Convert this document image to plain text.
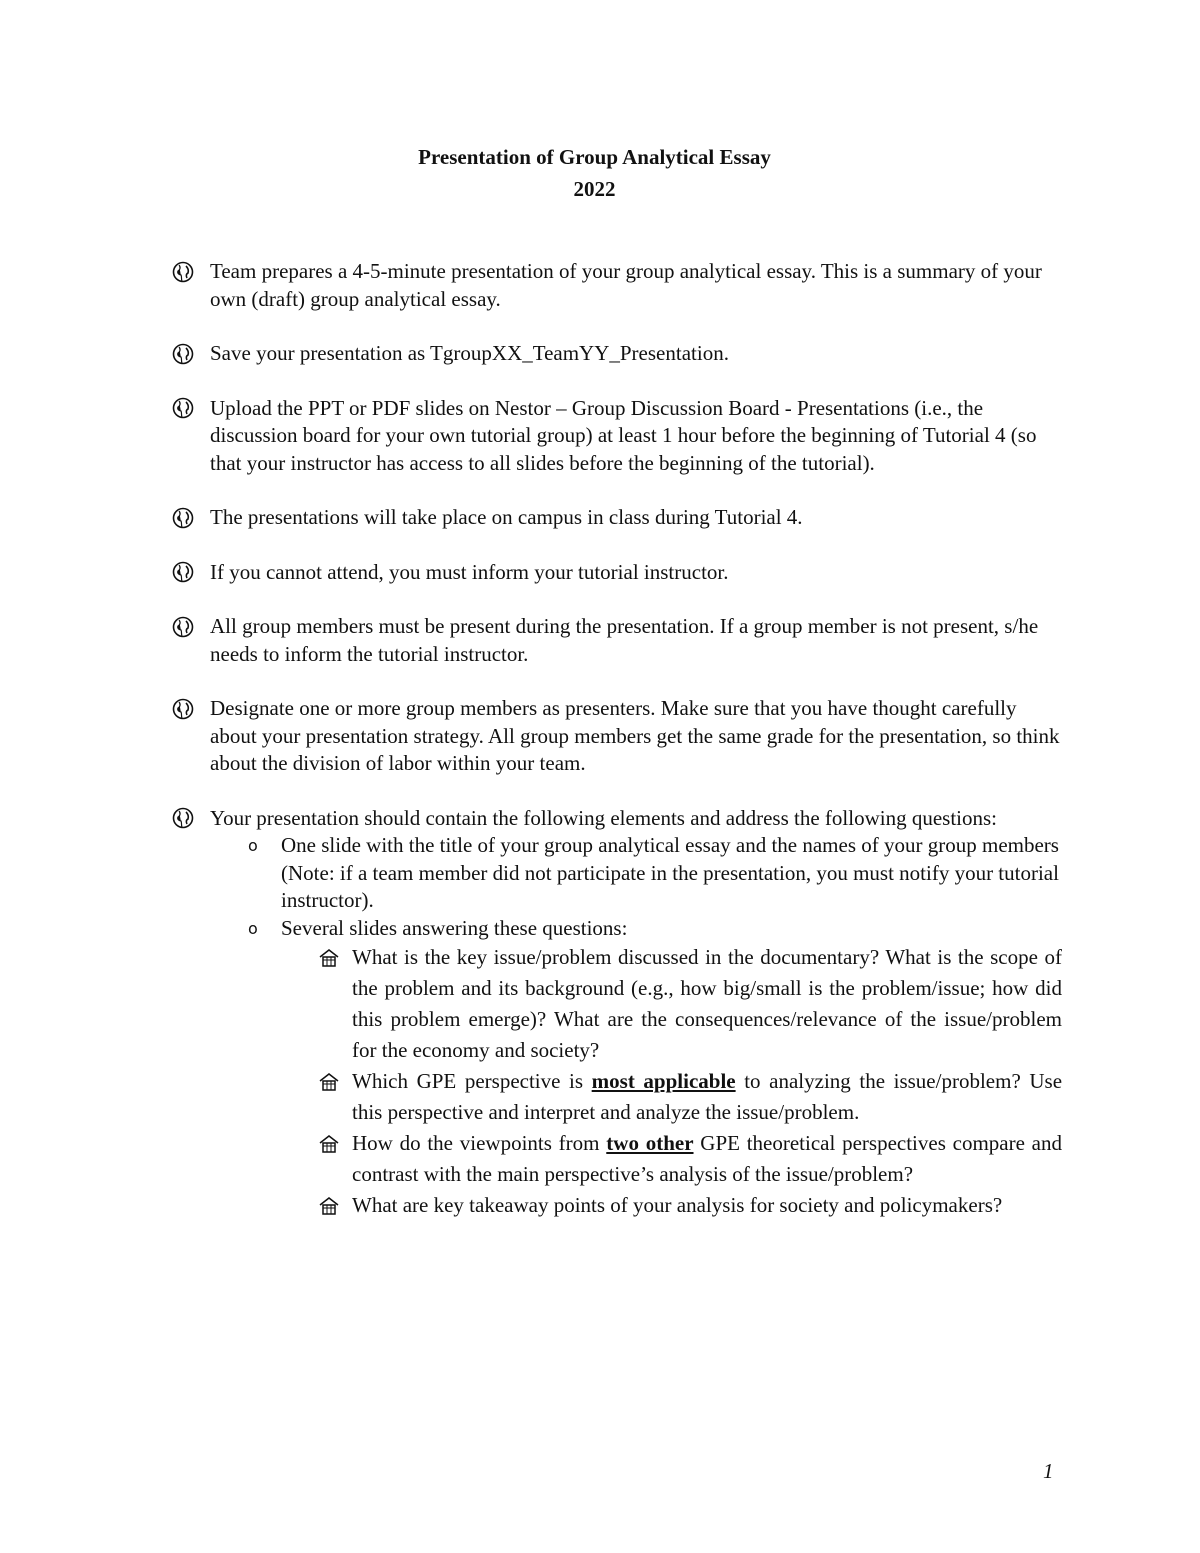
Presentation of Group Analytical Essay
2022
Team prepares a 4-5-minute presentation of your group analytical essay. This is a summary of your own (draft) group analytical essay.
Save your presentation as TgroupXX_TeamYY_Presentation.
Upload the PPT or PDF slides on Nestor – Group Discussion Board - Presentations (i.e., the discussion board for your own tutorial group) at least 1 hour before the beginning of Tutorial 4 (so that your instructor has access to all slides before the beginning of the tutorial).
The presentations will take place on campus in class during Tutorial 4.
If you cannot attend, you must inform your tutorial instructor.
All group members must be present during the presentation. If a group member is not present, s/he needs to inform the tutorial instructor.
Designate one or more group members as presenters. Make sure that you have thought carefully about your presentation strategy. All group members get the same grade for the presentation, so think about the division of labor within your team.
Your presentation should contain the following elements and address the following questions:
o	One slide with the title of your group analytical essay and the names of your group members (Note: if a team member did not participate in the presentation, you must notify your tutorial instructor).
o	Several slides answering these questions:
What is the key issue/problem discussed in the documentary? What is the scope of the problem and its background (e.g., how big/small is the problem/issue; how did this problem emerge)? What are the consequences/relevance of the issue/problem for the economy and society?
Which GPE perspective is most applicable to analyzing the issue/problem? Use this perspective and interpret and analyze the issue/problem.
How do the viewpoints from two other GPE theoretical perspectives compare and contrast with the main perspective’s analysis of the issue/problem?
What are key takeaway points of your analysis for society and policymakers?
1
